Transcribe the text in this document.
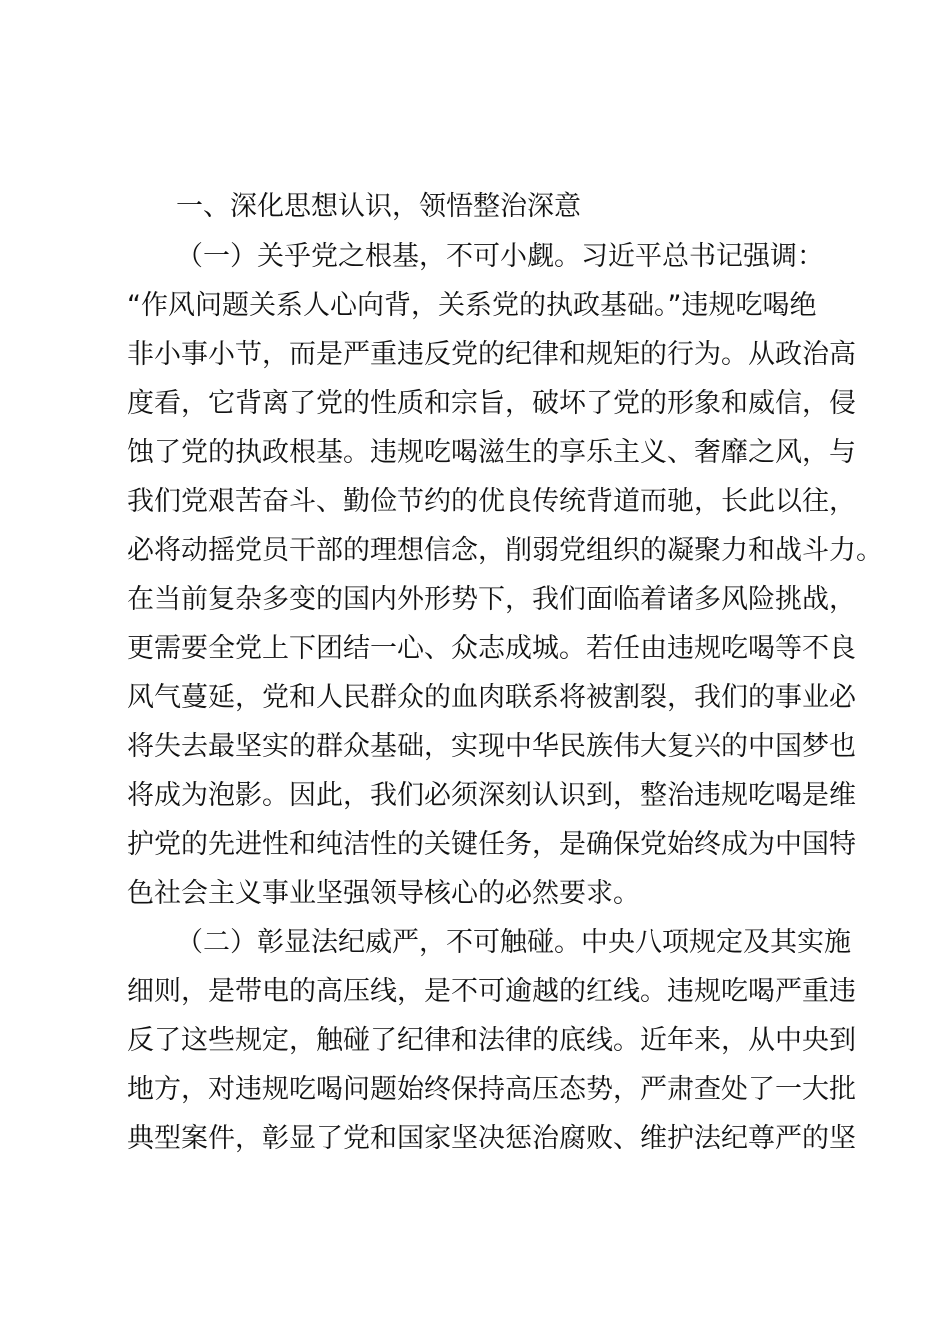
一、深化思想认识，领悟整治深意
（一）关乎党之根基，不可小觑。习近平总书记强调：
“作风问题关系人心向背，关系党的执政基础。”违规吃喝绝
非小事小节，而是严重违反党的纪律和规矩的行为。从政治高
度看，它背离了党的性质和宗旨，破坏了党的形象和威信，侵
蚀了党的执政根基。违规吃喝滋生的享乐主义、奢靡之风，与
我们党艰苦奋斗、勤俭节约的优良传统背道而驰，长此以往，
必将动摇党员干部的理想信念，削弱党组织的凝聚力和战斗力。
在当前复杂多变的国内外形势下，我们面临着诸多风险挑战，
更需要全党上下团结一心、众志成城。若任由违规吃喝等不良
风气蔓延，党和人民群众的血肉联系将被割裂，我们的事业必
将失去最坚实的群众基础，实现中华民族伟大复兴的中国梦也
将成为泡影。因此，我们必须深刻认识到，整治违规吃喝是维
护党的先进性和纯洁性的关键任务，是确保党始终成为中国特
色社会主义事业坚强领导核心的必然要求。
（二）彰显法纪威严，不可触碰。中央八项规定及其实施
细则，是带电的高压线，是不可逾越的红线。违规吃喝严重违
反了这些规定，触碰了纪律和法律的底线。近年来，从中央到
地方，对违规吃喝问题始终保持高压态势，严肃查处了一大批
典型案件，彰显了党和国家坚决惩治腐败、维护法纪尊严的坚
